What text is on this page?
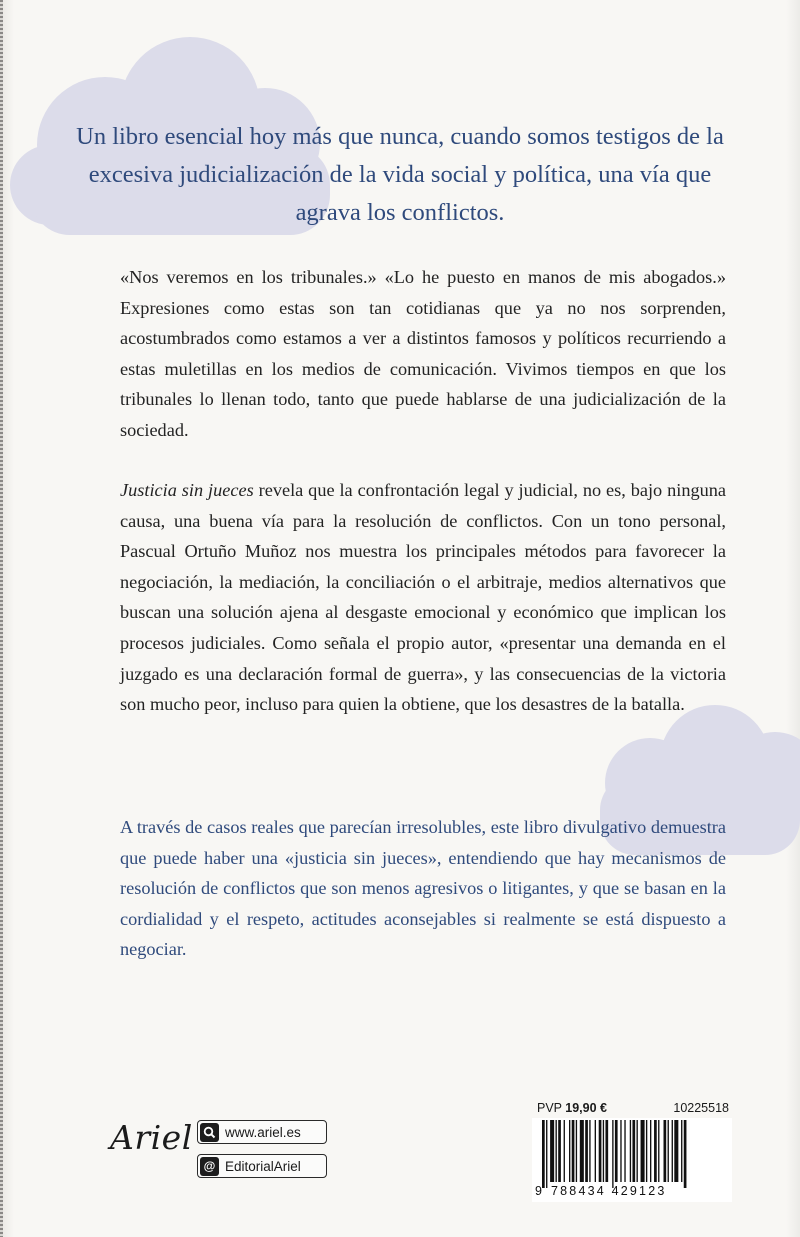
Un libro esencial hoy más que nunca, cuando somos testigos de la excesiva judicialización de la vida social y política, una vía que agrava los conflictos.
«Nos veremos en los tribunales.» «Lo he puesto en manos de mis abogados.» Expresiones como estas son tan cotidianas que ya no nos sorprenden, acostumbrados como estamos a ver a distintos famosos y políticos recurriendo a estas muletillas en los medios de comunicación. Vivimos tiempos en que los tribunales lo llenan todo, tanto que puede hablarse de una judicialización de la sociedad.
Justicia sin jueces revela que la confrontación legal y judicial, no es, bajo ninguna causa, una buena vía para la resolución de conflictos. Con un tono personal, Pascual Ortuño Muñoz nos muestra los principales métodos para favorecer la negociación, la mediación, la conciliación o el arbitraje, medios alternativos que buscan una solución ajena al desgaste emocional y económico que implican los procesos judiciales. Como señala el propio autor, «presentar una demanda en el juzgado es una declaración formal de guerra», y las consecuencias de la victoria son mucho peor, incluso para quien la obtiene, que los desastres de la batalla.
A través de casos reales que parecían irresolubles, este libro divulgativo demuestra que puede haber una «justicia sin jueces», entendiendo que hay mecanismos de resolución de conflictos que son menos agresivos o litigantes, y que se basan en la cordialidad y el respeto, actitudes aconsejables si realmente se está dispuesto a negociar.
Ariel www.ariel.es
@ EditorialAriel
PVP 19,90 €	10225518
9 788434 429123
